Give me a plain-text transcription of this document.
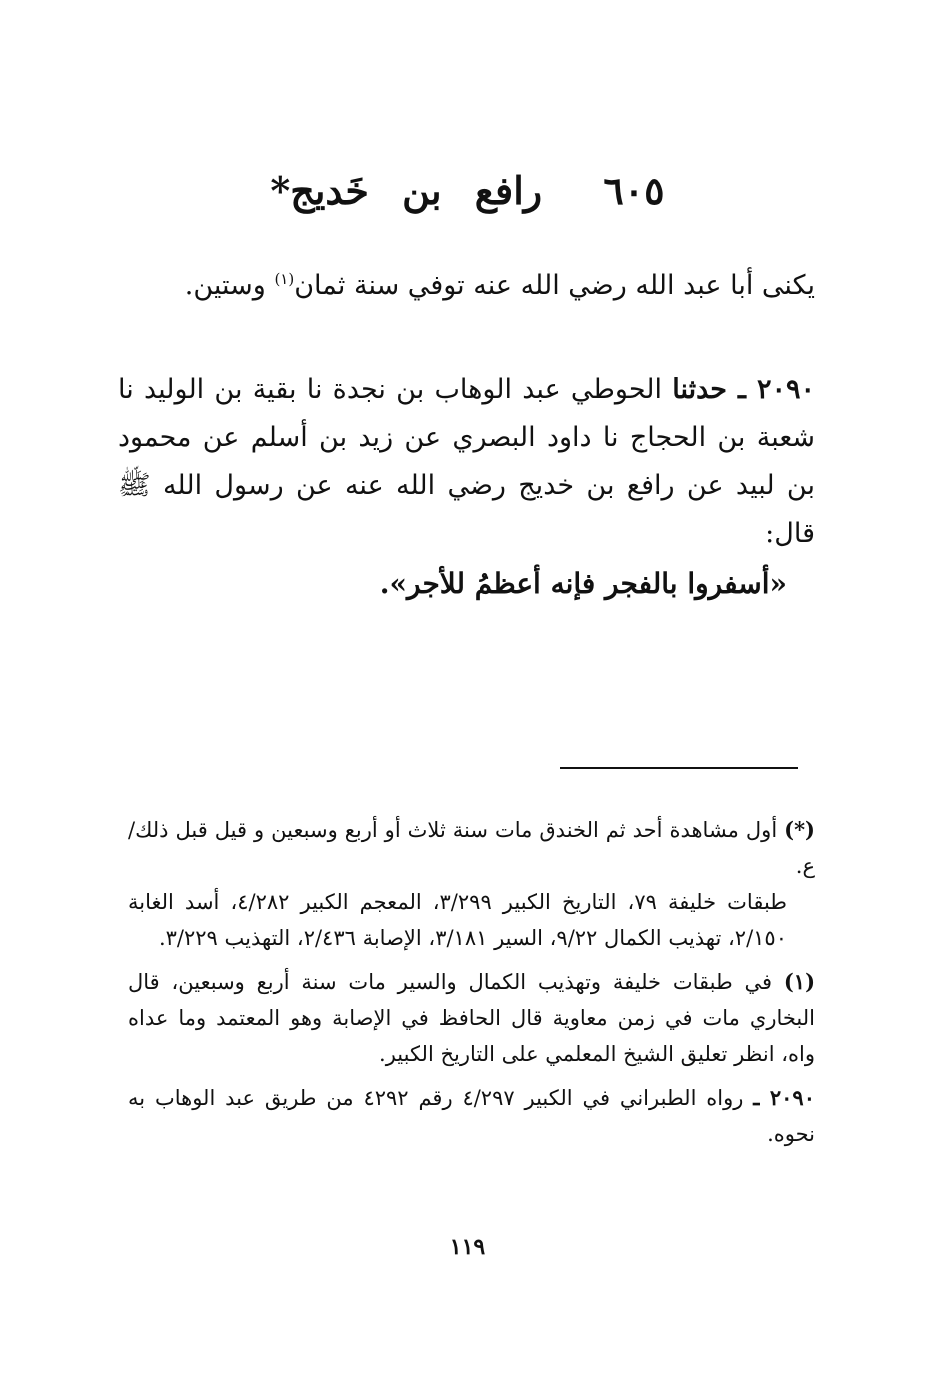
٦٠٥ رافع بن خَديج*
يكنى أبا عبد الله رضي الله عنه توفي سنة ثمان$^{(١)}$ وستين.
٢٠٩٠ ـ حدثنا الحوطي عبد الوهاب بن نجدة نا بقية بن الوليد نا شعبة بن الحجاج نا داود البصري عن زيد بن أسلم عن محمود بن لبيد عن رافع بن خديج رضي الله عنه عن رسول الله ﷺ قال:
«أسفروا بالفجر فإنه أعظمُ للأجر».
(*) أول مشاهدة أحد ثم الخندق مات سنة ثلاث أو أربع وسبعين و قيل قبل ذلك/ع.
طبقات خليفة ٧٩، التاريخ الكبير ٣/٢٩٩، المعجم الكبير ٤/٢٨٢، أسد الغابة ٢/١٥٠، تهذيب الكمال ٩/٢٢، السير ٣/١٨١، الإصابة ٢/٤٣٦، التهذيب ٣/٢٢٩.
(١) في طبقات خليفة وتهذيب الكمال والسير مات سنة أربع وسبعين، قال البخاري مات في زمن معاوية قال الحافظ في الإصابة وهو المعتمد وما عداه واه، انظر تعليق الشيخ المعلمي على التاريخ الكبير.
٢٠٩٠ ـ رواه الطبراني في الكبير ٤/٢٩٧ رقم ٤٢٩٢ من طريق عبد الوهاب به نحوه.
١١٩
